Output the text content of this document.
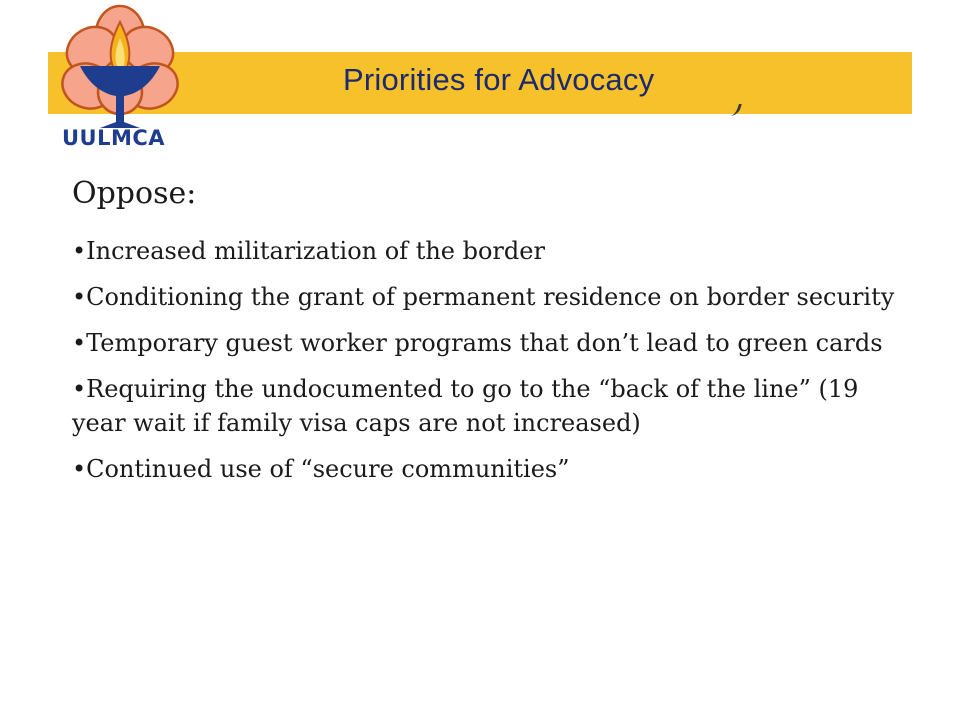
UULMCA
Priorities for Advocacy
Oppose:
•Increased militarization of the border
•Conditioning the grant of permanent residence on border security
•Temporary guest worker programs that don’t lead to green cards
•Requiring the undocumented to go to the “back of the line” (19 year wait if family visa caps are not increased)
•Continued use of “secure communities”
